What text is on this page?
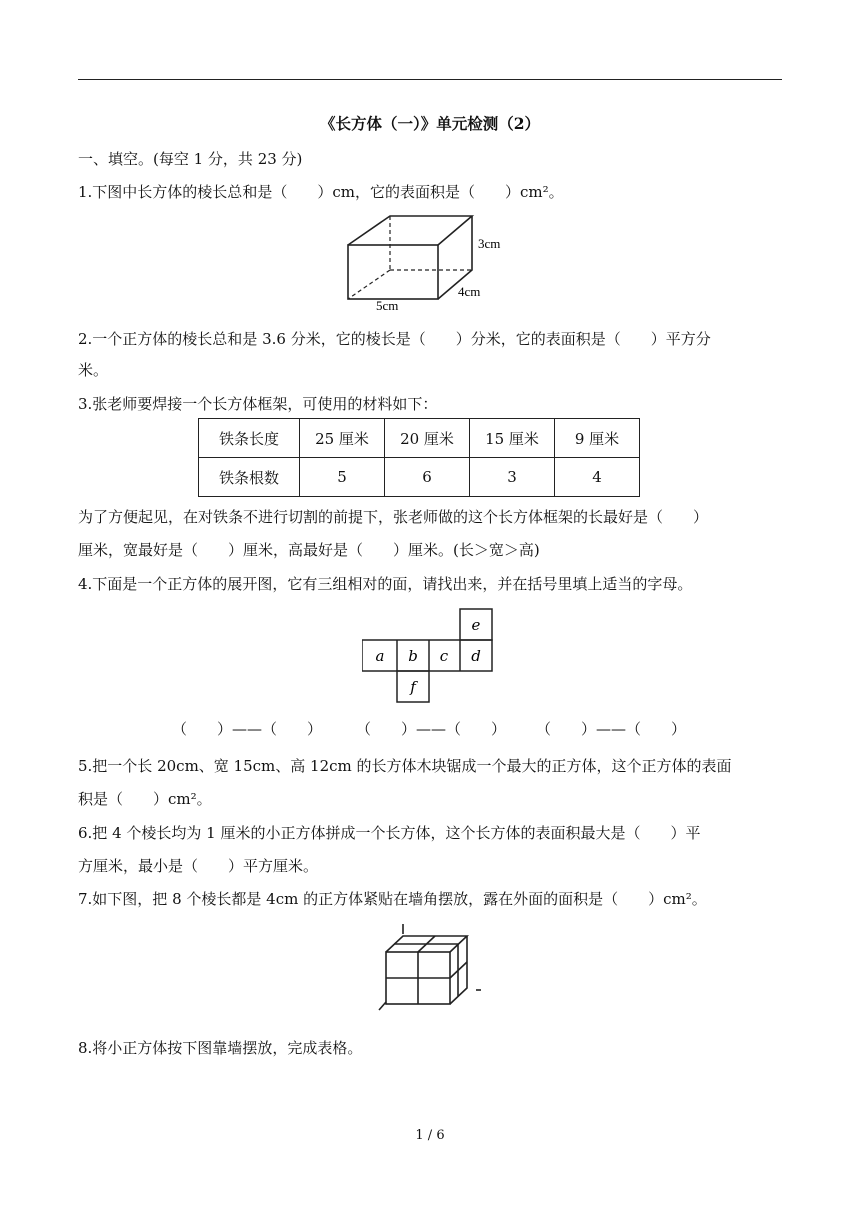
《长方体（一）》单元检测（2）
一、填空。(每空 1 分，共 23 分)
1.下图中长方体的棱长总和是（　　）cm，它的表面积是（　　）cm²。
3cm
4cm
5cm
2.一个正方体的棱长总和是 3.6 分米，它的棱长是（　　）分米，它的表面积是（　　）平方分
米。
3.张老师要焊接一个长方体框架，可使用的材料如下：
铁条长度	25 厘米	20 厘米	15 厘米	9 厘米
铁条根数	5	6	3	4
为了方便起见，在对铁条不进行切割的前提下，张老师做的这个长方体框架的长最好是（　　）
厘米，宽最好是（　　）厘米，高最好是（　　）厘米。(长＞宽＞高)
4.下面是一个正方体的展开图，它有三组相对的面，请找出来，并在括号里填上适当的字母。
a b c d
e
f
（　　）——（　　） （　　）——（　　） （　　）——（　　）
5.把一个长 20cm、宽 15cm、高 12cm 的长方体木块锯成一个最大的正方体，这个正方体的表面
积是（　　）cm²。
6.把 4 个棱长均为 1 厘米的小正方体拼成一个长方体，这个长方体的表面积最大是（　　）平
方厘米，最小是（　　）平方厘米。
7.如下图，把 8 个棱长都是 4cm 的正方体紧贴在墙角摆放，露在外面的面积是（　　）cm²。
8.将小正方体按下图靠墙摆放，完成表格。
1 / 6
